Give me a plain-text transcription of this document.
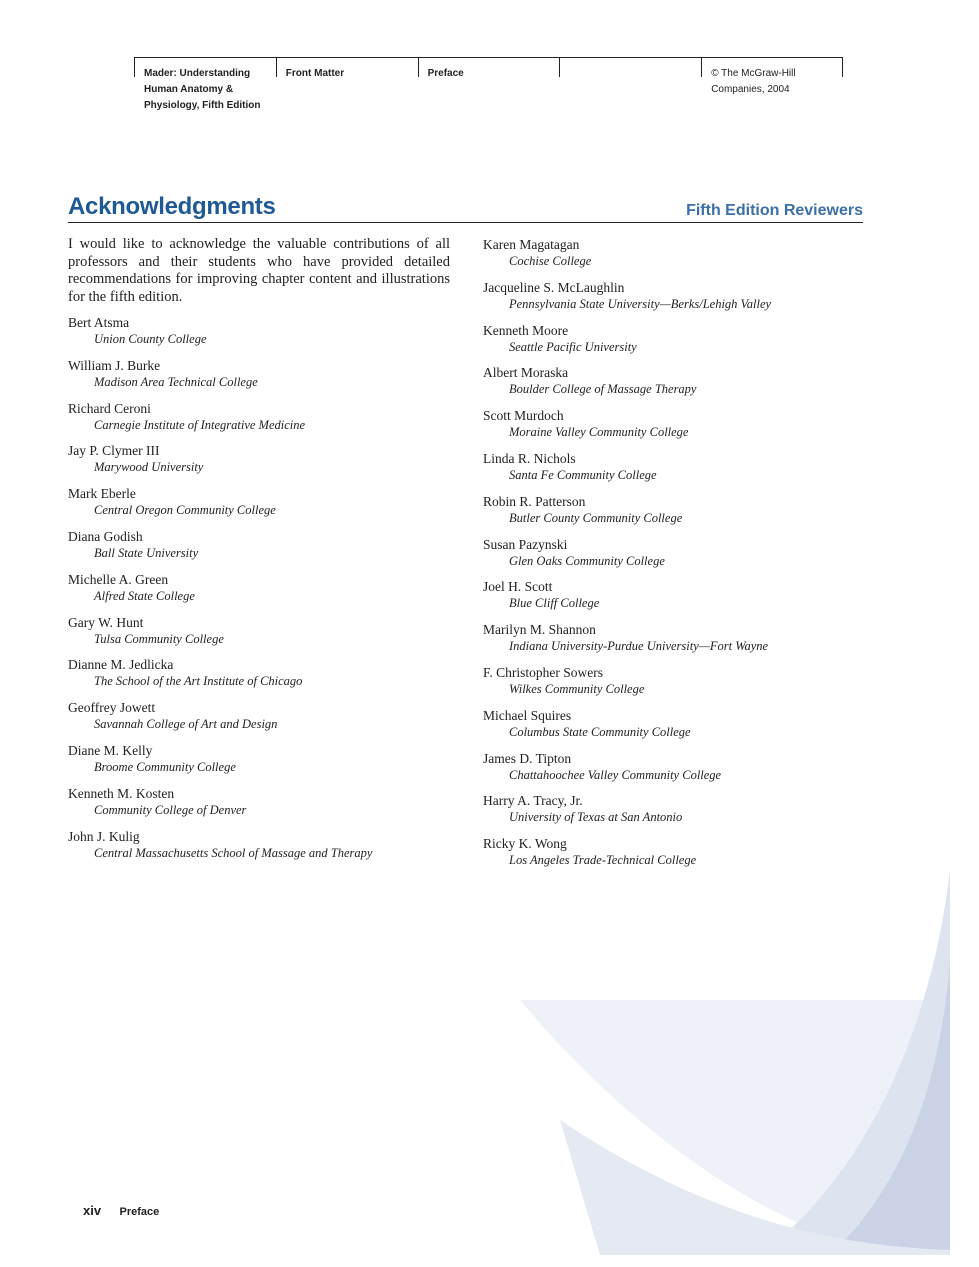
Mader: Understanding
Human Anatomy &
Physiology, Fifth Edition
Front Matter	Preface	© The McGraw-Hill
Companies, 2004
Acknowledgments	Fifth Edition Reviewers

I would like to acknowledge the valuable contributions of all professors and their students who have provided detailed recommendations for improving chapter content and illustrations for the fifth edition.

Bert Atsma
Union County College
William J. Burke
Madison Area Technical College
Richard Ceroni
Carnegie Institute of Integrative Medicine
Jay P. Clymer III
Marywood University
Mark Eberle
Central Oregon Community College
Diana Godish
Ball State University
Michelle A. Green
Alfred State College
Gary W. Hunt
Tulsa Community College
Dianne M. Jedlicka
The School of the Art Institute of Chicago
Geoffrey Jowett
Savannah College of Art and Design
Diane M. Kelly
Broome Community College
Kenneth M. Kosten
Community College of Denver
John J. Kulig
Central Massachusetts School of Massage and Therapy
Karen Magatagan
Cochise College
Jacqueline S. McLaughlin
Pennsylvania State University—Berks/Lehigh Valley
Kenneth Moore
Seattle Pacific University
Albert Moraska
Boulder College of Massage Therapy
Scott Murdoch
Moraine Valley Community College
Linda R. Nichols
Santa Fe Community College
Robin R. Patterson
Butler County Community College
Susan Pazynski
Glen Oaks Community College
Joel H. Scott
Blue Cliff College
Marilyn M. Shannon
Indiana University-Purdue University—Fort Wayne
F. Christopher Sowers
Wilkes Community College
Michael Squires
Columbus State Community College
James D. Tipton
Chattahoochee Valley Community College
Harry A. Tracy, Jr.
University of Texas at San Antonio
Ricky K. Wong
Los Angeles Trade-Technical College
xiv Preface
